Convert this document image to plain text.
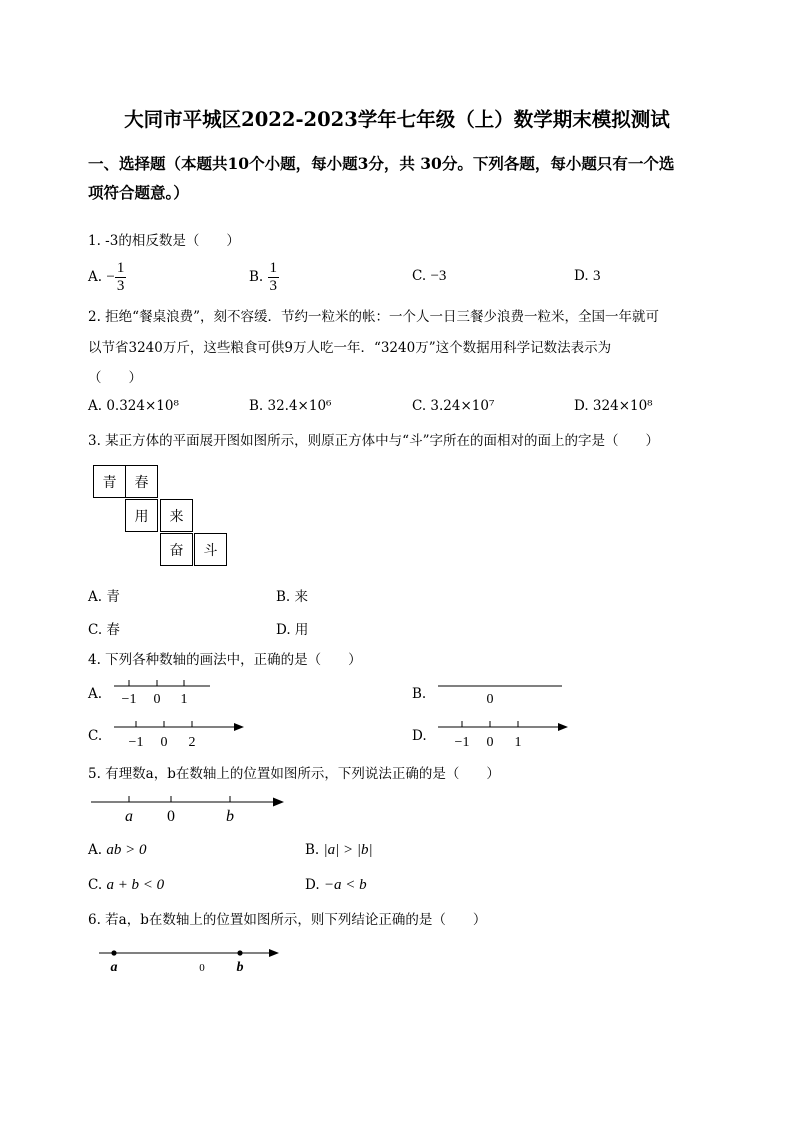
大同市平城区2022-2023学年七年级（上）数学期末模拟测试
一、选择题（本题共10个小题，每小题3分，共 30分。下列各题，每小题只有一个选
项符合题意。）
1. -3的相反数是（　　）
A. − $\frac{1}{3}$	B. $\frac{1}{3}$	C. −3	D. 3
2. 拒绝“餐桌浪费”，刻不容缓．节约一粒米的帐：一个人一日三餐少浪费一粒米，全国一年就可
以节省3240万斤，这些粮食可供9万人吃一年．“3240万”这个数据用科学记数法表示为
（　　）
A. 0.324×10⁸	B. 32.4×10⁶	C. 3.24×10⁷	D. 324×10⁸
3. 某正方体的平面展开图如图所示，则原正方体中与“斗”字所在的面相对的面上的字是（　　）
青	春
用	来
奋	斗
A. 青	B. 来
C. 春	D. 用
4. 下列各种数轴的画法中，正确的是（　　）
A. −1 0 1	B.	0
C. −1 0 2	D. −1 0 1
5. 有理数a，b在数轴上的位置如图所示，下列说法正确的是（　　）
a 0	b
A. ab > 0	B. |a| > |b|
C. a + b < 0	D. −a < b
6. 若a，b在数轴上的位置如图所示，则下列结论正确的是（　　）
a	0 b
